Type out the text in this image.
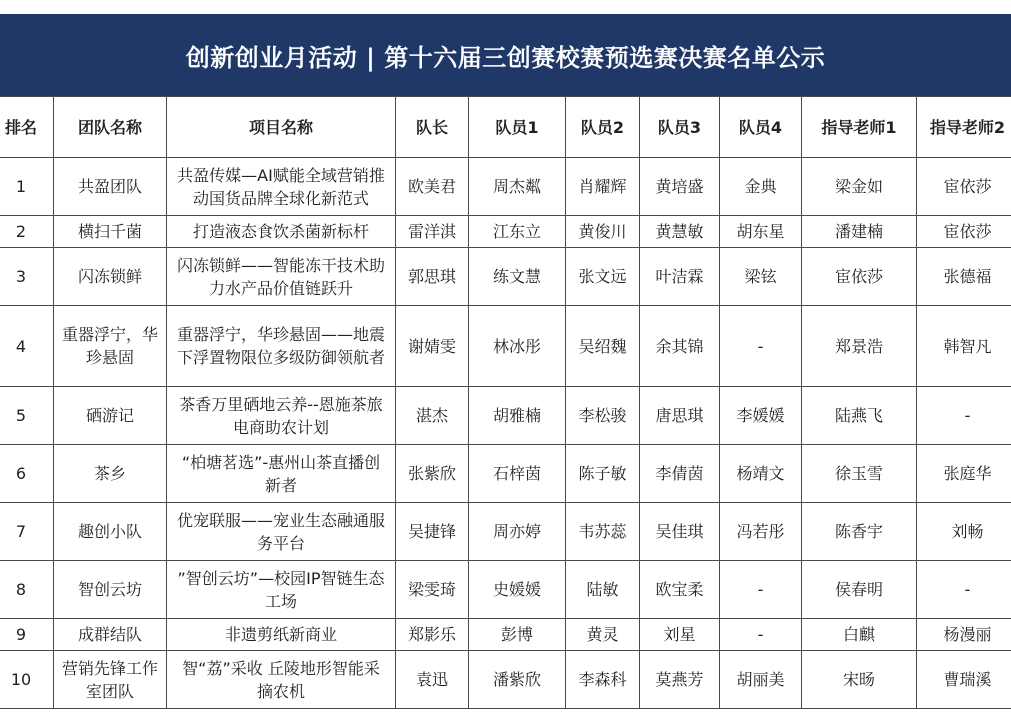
创新创业月活动 | 第十六届三创赛校赛预选赛决赛名单公示
排名	团队名称	项目名称	队长	队员1	队员2	队员3	队员4	指导老师1	指导老师2
1	共盈团队	共盈传媒—AI赋能全域营销推动国货品牌全球化新范式	欧美君	周杰粼	肖耀辉	黄培盛	金典	梁金如	宦依莎
2	横扫千菌	打造液态食饮杀菌新标杆	雷洋淇	江东立	黄俊川	黄慧敏	胡东星	潘建楠	宦依莎
3	闪冻锁鲜	闪冻锁鲜——智能冻干技术助力水产品价值链跃升	郭思琪	练文慧	张文远	叶洁霖	梁铉	宦依莎	张德福
4	重器浮宁，华珍悬固	重器浮宁，华珍悬固——地震下浮置物限位多级防御领航者	谢婧雯	林冰彤	吴绍魏	余其锦	-	郑景浩	韩智凡
5	硒游记	茶香万里硒地云养--恩施茶旅电商助农计划	湛杰	胡雅楠	李松骏	唐思琪	李媛媛	陆燕飞	-
6	茶乡	“柏塘茗选”-惠州山茶直播创新者	张紫欣	石梓茵	陈子敏	李倩茵	杨靖文	徐玉雪	张庭华
7	趣创小队	优宠联服——宠业生态融通服务平台	吴捷锋	周亦婷	韦苏蕊	吴佳琪	冯若彤	陈香宇	刘畅
8	智创云坊	”智创云坊”—校园IP智链生态工场	梁雯琦	史媛媛	陆敏	欧宝柔	-	侯春明	-
9	成群结队	非遗剪纸新商业	郑影乐	彭博	黄灵	刘星	-	白麒	杨漫丽
10	营销先锋工作室团队	智“荔”采收 丘陵地形智能采摘农机	袁迅	潘紫欣	李森科	莫燕芳	胡丽美	宋旸	曹瑞溪
